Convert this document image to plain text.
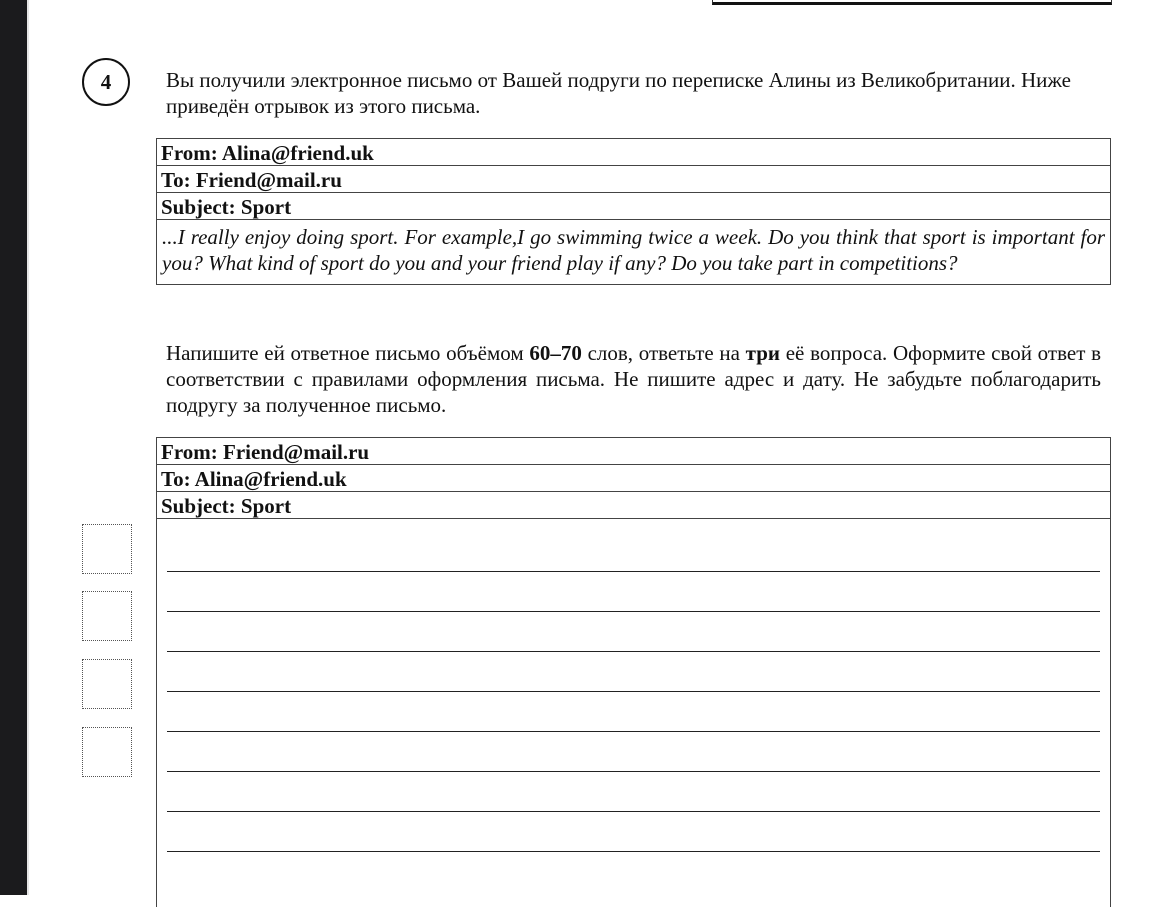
4	Вы получили электронное письмо от Вашей подруги по переписке Алины из Великобритании. Ниже приведён отрывок из этого письма.
From: Alina@friend.uk
To: Friend@mail.ru
Subject: Sport
...I really enjoy doing sport. For example,I go swimming twice a week. Do you think that sport is important for you? What kind of sport do you and your friend play if any? Do you take part in competitions?
Напишите ей ответное письмо объёмом 60–70 слов, ответьте на три её вопроса. Оформите свой ответ в соответствии с правилами оформления письма. Не пишите адрес и дату. Не забудьте поблагодарить подругу за полученное письмо.
From: Friend@mail.ru
To: Alina@friend.uk
Subject: Sport
